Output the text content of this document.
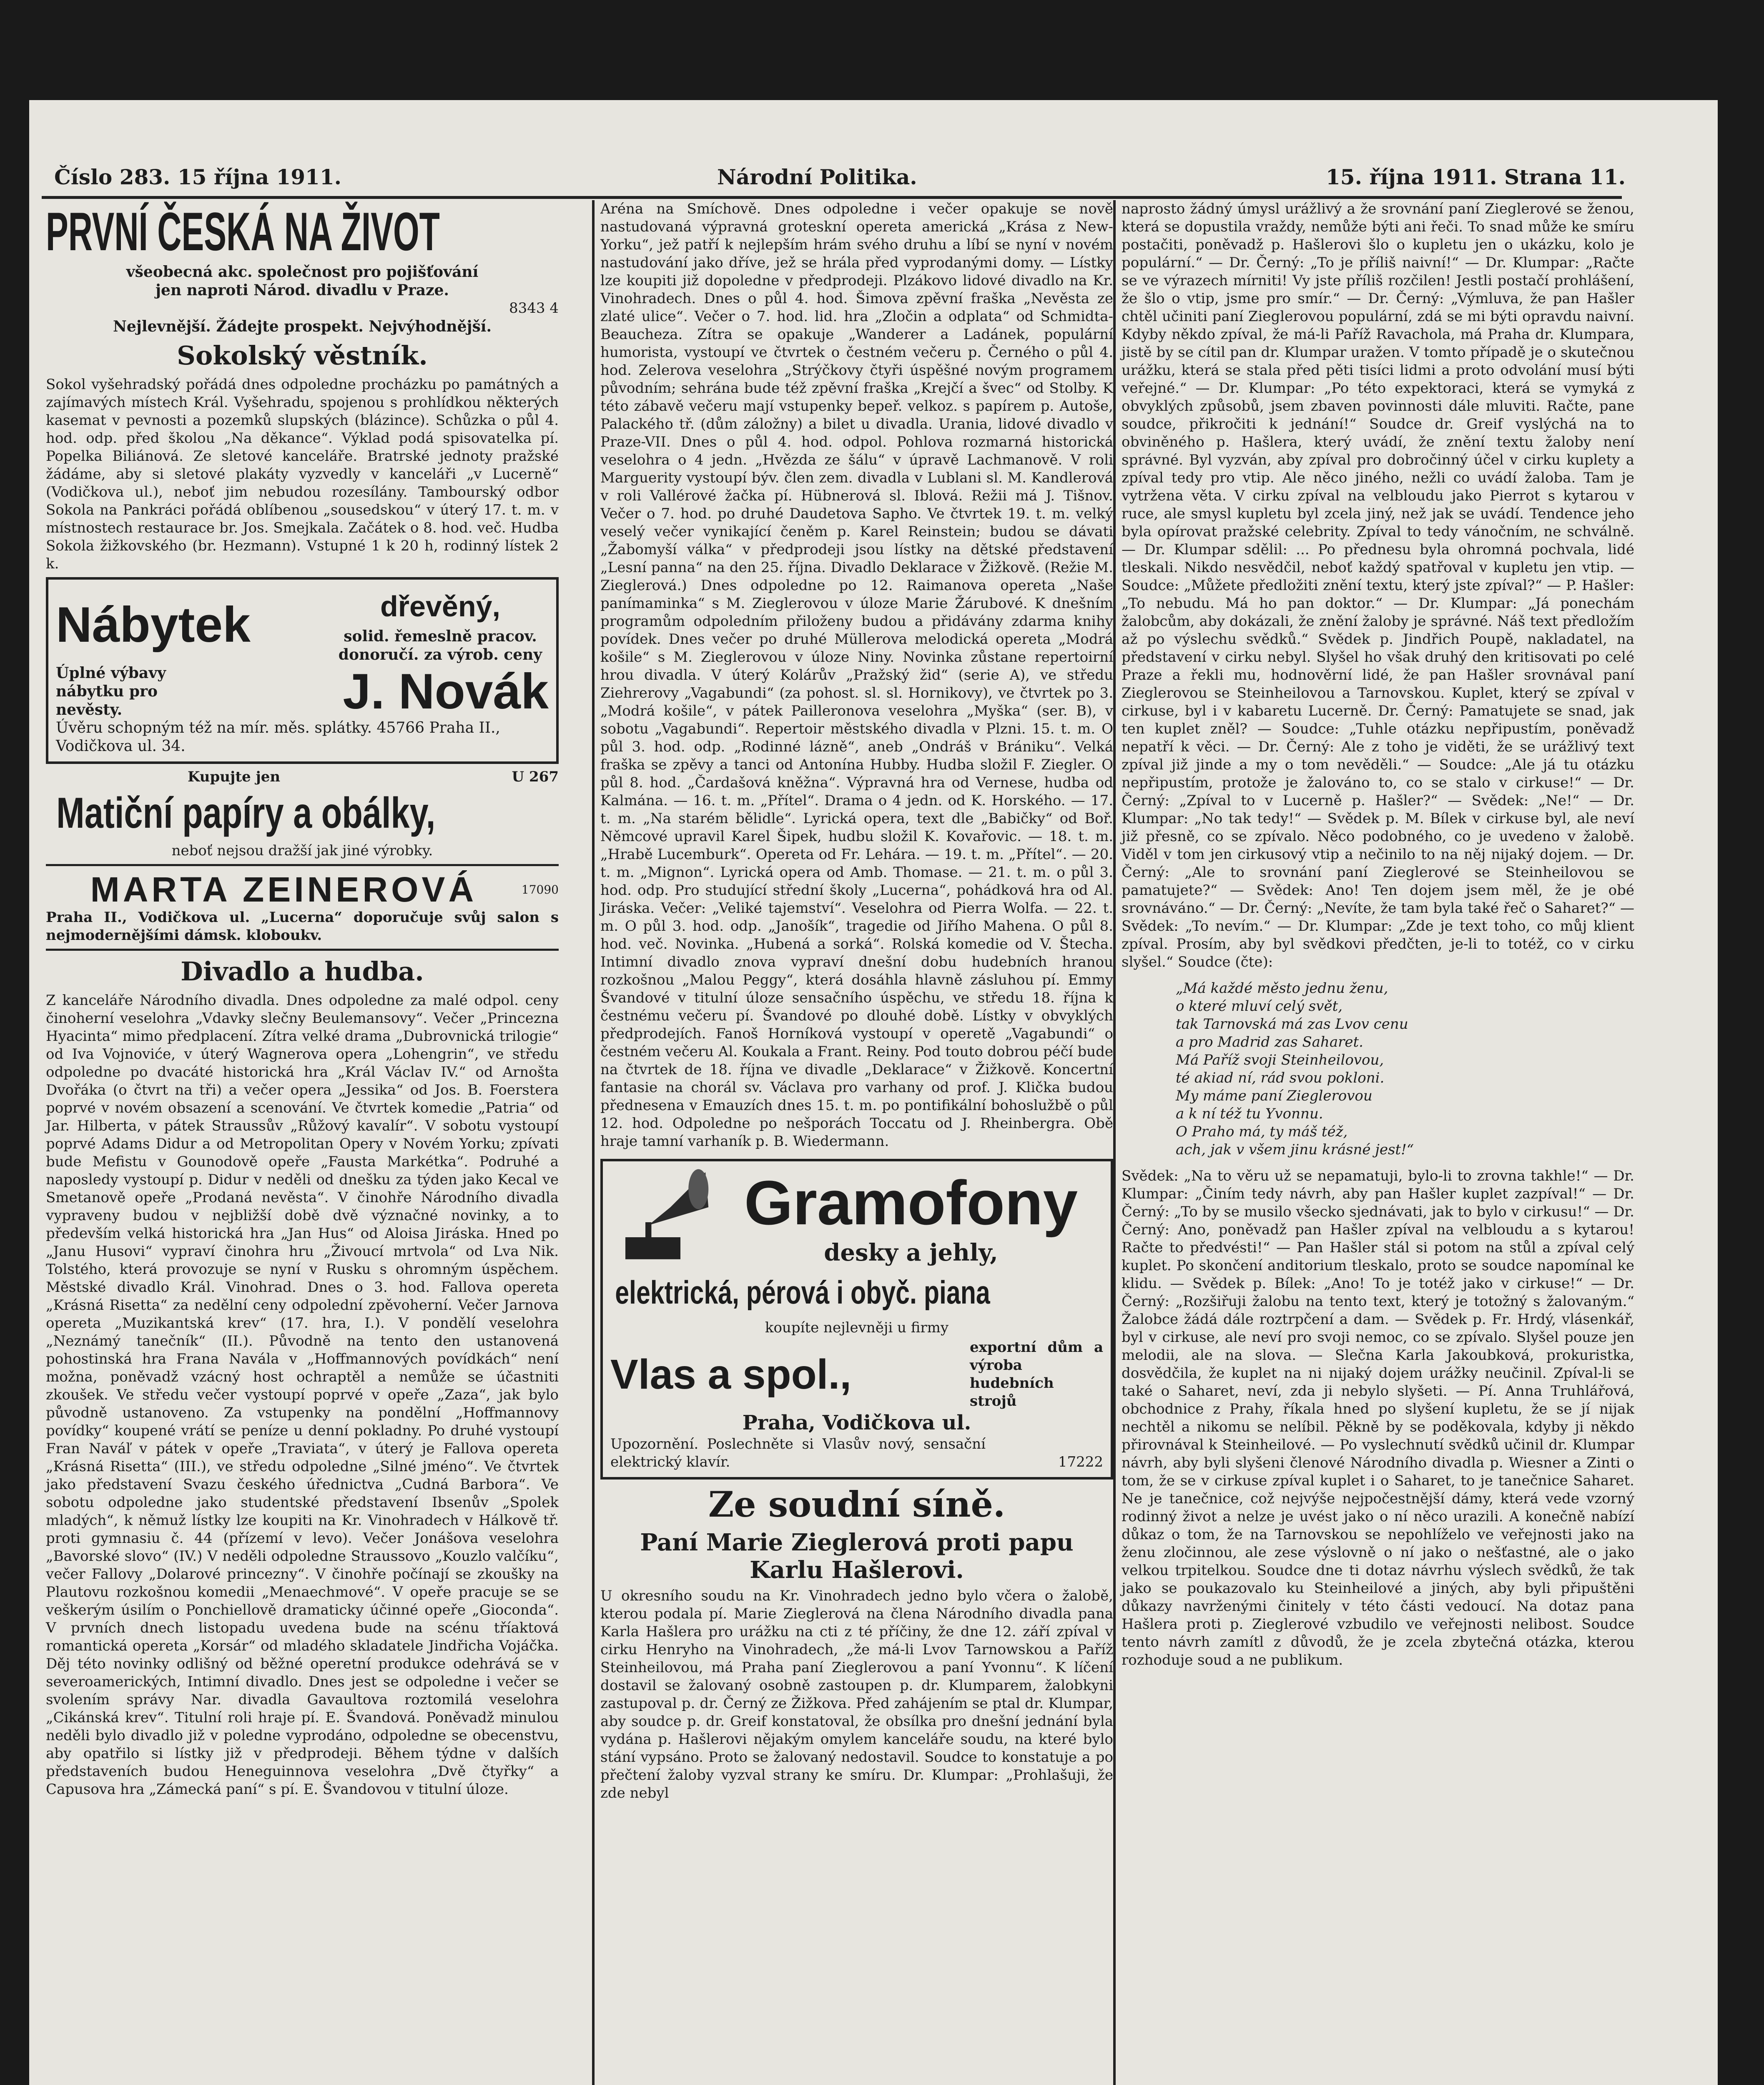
Číslo 283. 15 října 1911.	Národní Politika.	15. října 1911. Strana 11.
PRVNÍ ČESKÁ NA ŽIVOT
všeobecná akc. společnost pro pojišťování
jen naproti Národ. divadlu v Praze.
8343 4
Nejlevnější. Žádejte prospekt. Nejvýhodnější.
Sokolský věstník.

Sokol vyšehradský pořádá dnes odpoledne procházku po památných a zajímavých místech Král. Vyšehradu, spojenou s prohlídkou některých kasemat v pevnosti a pozemků slupských (blázince). Schůzka o půl 4. hod. odp. před školou „Na děkance“. Výklad podá spisovatelka pí. Popelka Biliánová. Ze sletové kanceláře. Bratrské jednoty pražské žádáme, aby si sletové plakáty vyzvedly v kanceláři „v Lucerně“ (Vodičkova ul.), neboť jim nebudou rozesílány. Tambourský odbor Sokola na Pankráci pořádá oblíbenou „sousedskou“ v úterý 17. t. m. v místnostech restaurace br. Jos. Smejkala. Začátek o 8. hod. več. Hudba Sokola žižkovského (br. Hezmann). Vstupné 1 k 20 h, rodinný lístek 2 k.

Nábytek	dřevěný,
solid. řemeslně pracov. donoručí. za výrob. ceny
Úplné výbavy nábytku pro nevěsty.	J. Novák
Úvěru schopným též na mír. měs. splátky. 45766 Praha II., Vodičkova ul. 34.
Kupujte jen	U 267
Matiční papíry a obálky,
neboť nejsou dražší jak jiné výrobky.
MARTA ZEINEROVÁ	17090

Praha II., Vodičkova ul. „Lucerna“ doporučuje svůj salon s nejmodernějšími dámsk. kloboukv.

Divadlo a hudba.

Z kanceláře Národního divadla. Dnes odpoledne za malé odpol. ceny činoherní veselohra „Vdavky slečny Beulemansovy“. Večer „Princezna Hyacinta“ mimo předplacení. Zítra velké drama „Dubrovnická trilogie“ od Iva Vojnoviće, v úterý Wagnerova opera „Lohengrin“, ve středu odpoledne po dvacáté historická hra „Král Václav IV.“ od Arnošta Dvořáka (o čtvrt na tři) a večer opera „Jessika“ od Jos. B. Foerstera poprvé v novém obsazení a scenování. Ve čtvrtek komedie „Patria“ od Jar. Hilberta, v pátek Straussův „Růžový kavalír“. V sobotu vystoupí poprvé Adams Didur a od Metropolitan Opery v Novém Yorku; zpívati bude Mefistu v Gounodově opeře „Fausta Markétka“. Podruhé a naposledy vystoupí p. Didur v neděli od dnešku za týden jako Kecal ve Smetanově opeře „Prodaná nevěsta“. V činohře Národního divadla vypraveny budou v nejbližší době dvě význačné novinky, a to především velká historická hra „Jan Hus“ od Aloisa Jiráska. Hned po „Janu Husovi“ vypraví činohra hru „Živoucí mrtvola“ od Lva Nik. Tolstého, která provozuje se nyní v Rusku s ohromným úspěchem. Městské divadlo Král. Vinohrad. Dnes o 3. hod. Fallova opereta „Krásná Risetta“ za nedělní ceny odpolední zpěvoherní. Večer Jarnova opereta „Muzikantská krev“ (17. hra, I.). V pondělí veselohra „Neznámý tanečník“ (II.). Původně na tento den ustanovená pohostinská hra Frana Naválа v „Hoffmannových povídkách“ není možna, poněvadž vzácný host ochraptěl a nemůže se účastniti zkoušek. Ve středu večer vystoupí poprvé v opeře „Zaza“, jak bylo původně ustanoveno. Za vstupenky na pondělní „Hoffmannovy povídky“ koupené vrátí se peníze u denní pokladny. Po druhé vystoupí Fran Naváľ v pátek v opeře „Traviata“, v úterý je Fallova opereta „Krásná Risetta“ (III.), ve středu odpoledne „Silné jméno“. Ve čtvrtek jako představení Svazu českého úřednictva „Cudná Barbora“. Ve sobotu odpoledne jako studentské představení Ibsenův „Spolek mladých“, k němuž lístky lze koupiti na Kr. Vinohradech v Hálkově tř. proti gymnasiu č. 44 (přízemí v levo). Večer Jonášova veselohra „Bavorské slovo“ (IV.) V neděli odpoledne Straussovo „Kouzlo valčíku“, večer Fallovy „Dolarové princezny“. V činohře počínají se zkoušky na Plautovu rozkošnou komedii „Menaechmové“. V opeře pracuje se se veškerým úsilím o Ponchiellově dramaticky účinné opeře „Gioconda“. V prvních dnech listopadu uvedena bude na scénu tříaktová romantická opereta „Korsár“ od mladého skladatele Jindřicha Vojáčka. Děj této novinky odlišný od běžné operetní produkce odehrává se v severoamerických, Intimní divadlo. Dnes jest se odpoledne i večer se svolením správy Nar. divadla Gavaultova roztomilá veselohra „Cikánská krev“. Titulní roli hraje pí. E. Švandová. Poněvadž minulou neděli bylo divadlo již v poledne vyprodáno, odpoledne se obecenstvu, aby opatřilo si lístky již v předprodeji. Během týdne v dalších představeních budou Heneguinnova veselohra „Dvě čtyřky“ a Capusova hra „Zámecká paní“ s pí. E. Švandovou v titulní úloze.

Aréna na Smíchově. Dnes odpoledne i večer opakuje se nově nastudovaná výpravná groteskní opereta americká „Krása z New-Yorku“, jež patří k nejlepším hrám svého druhu a líbí se nyní v novém nastudování jako dříve, jež se hrála před vyprodanými domy. — Lístky lze koupiti již dopoledne v předprodeji. Plzákovo lidové divadlo na Kr. Vinohradech. Dnes o půl 4. hod. Šimova zpěvní fraška „Nevěsta ze zlaté ulice“. Večer o 7. hod. lid. hra „Zločin a odplata“ od Schmidta-Beaucheza. Zítra se opakuje „Wanderer a Ladánek, populární humorista, vystoupí ve čtvrtek o čestném večeru p. Černého o půl 4. hod. Zelerova veselohra „Strýčkovy čtyři úspěšné novým programem původním; sehrána bude též zpěvní fraška „Krejčí a švec“ od Stolby. K této zábavě večeru mají vstupenky bepeř. velkoz. s papírem p. Autoše, Palackého tř. (dům záložny) a bilet u divadla. Urania, lidové divadlo v Praze-VII. Dnes o půl 4. hod. odpol. Pohlova rozmarná historická veselohra o 4 jedn. „Hvězda ze šálu“ v úpravě Lachmanově. V roli Marguerity vystoupí býv. člen zem. divadla v Lublani sl. M. Kandlerová v roli Vallérové žačka pí. Hübnerová sl. Iblová. Režii má J. Tišnov. Večer o 7. hod. po druhé Daudetova Sapho. Ve čtvrtek 19. t. m. velký veselý večer vynikající čeněm p. Karel Reinstein; budou se dávati „Žabomyší válka“ v předprodeji jsou lístky na dětské představení „Lesní panna“ na den 25. října. Divadlo Deklarace v Žižkově. (Režie M. Zieglerová.) Dnes odpoledne po 12. Raimanova opereta „Naše panímaminka“ s M. Zieglerovou v úloze Marie Žárubové. K dnešním programům odpoledním přiloženy budou a přidávány zdarma knihy povídek. Dnes večer po druhé Müllerova melodická opereta „Modrá košile“ s M. Zieglerovou v úloze Niny. Novinka zůstane repertoirní hrou divadla. V úterý Kolárův „Pražský žid“ (serie A), ve středu Ziehrerovy „Vagabundi“ (za pohost. sl. sl. Hornikovy), ve čtvrtek po 3. „Modrá košile“, v pátek Pailleronova veselohra „Myška“ (ser. B), v sobotu „Vagabundi“. Repertoir městského divadla v Plzni. 15. t. m. O půl 3. hod. odp. „Rodinné lázně“, aneb „Ondráš v Brániku“. Velká fraška se zpěvy a tanci od Antonína Hubby. Hudba složil F. Ziegler. O půl 8. hod. „Čardašová kněžna“. Výpravná hra od Vernese, hudba od Kalmána. — 16. t. m. „Přítel“. Drama o 4 jedn. od K. Horského. — 17. t. m. „Na starém bělidle“. Lyrická opera, text dle „Babičky“ od Boř. Němcové upravil Karel Šipek, hudbu složil K. Kovařovic. — 18. t. m. „Hrabě Lucemburk“. Opereta od Fr. Lehára. — 19. t. m. „Přítel“. — 20. t. m. „Mignon“. Lyrická opera od Amb. Thomase. — 21. t. m. o půl 3. hod. odp. Pro studující střední školy „Lucerna“, pohádková hra od Al. Jiráska. Večer: „Veliké tajemství“. Veselohra od Pierra Wolfa. — 22. t. m. O půl 3. hod. odp. „Janošík“, tragedie od Jiřího Mahena. O půl 8. hod. več. Novinka. „Hubená a sorká“. Rolská komedie od V. Štecha. Intimní divadlo znova vypraví dnešní dobu hudebních hranou rozkošnou „Malou Peggy“, která dosáhla hlavně zásluhou pí. Emmy Švandové v titulní úloze sensačního úspěchu, ve středu 18. října k čestnému večeru pí. Švandové po dlouhé době. Lístky v obvyklých předprodejích. Fanoš Horníková vystoupí v operetě „Vagabundi“ o čestném večeru Al. Koukala a Frant. Reiny. Pod touto dobrou péčí bude na čtvrtek de 18. října ve divadle „Deklarace“ v Žižkově. Koncertní fantasie na chorál sv. Václava pro varhany od prof. J. Klička budou přednesena v Emauzích dnes 15. t. m. po pontifikální bohoslužbě o půl 12. hod. Odpoledne po nešporách Toccatu od J. Rheinbergra. Obě hraje tamní varhaník p. B. Wiedermann.

Gramofony
desky a jehly,
elektrická, pérová i obyč. piana
koupíte nejlevněji u firmy
Vlas a spol.,
exportní dům a výroba hudebních strojů
Praha, Vodičkova ul.
Upozornění. Poslechněte si Vlasův nový, sensační elektrický klavír.	17222
Ze soudní síně.
Paní Marie Zieglerová proti papu Karlu Hašlerovi.

U okresního soudu na Kr. Vinohradech jedno bylo včera o žalobě, kterou podala pí. Marie Zieglerová na člena Národního divadla pana Karla Hašlera pro urážku na cti z té příčiny, že dne 12. září zpíval v cirku Henryho na Vinohradech, „že má-li Lvov Tarnowskou a Paříž Steinheilovou, má Praha paní Zieglerovou a paní Yvonnu“. K líčení dostavil se žalovaný osobně zastoupen p. dr. Klumparem, žalobkyni zastupoval p. dr. Černý ze Žižkova. Před zahájením se ptal dr. Klumpar, aby soudce p. dr. Greif konstatoval, že obsílka pro dnešní jednání byla vydána p. Hašlerovi nějakým omylem kanceláře soudu, na které bylo stání vypsáno. Proto se žalovaný nedostavil. Soudce to konstatuje a po přečtení žaloby vyzval strany ke smíru. Dr. Klumpar: „Prohlašuji, že zde nebyl

naprosto žádný úmysl urážlivý a že srovnání paní Zieglerové se ženou, která se dopustila vraždy, nemůže býti ani řeči. To snad může ke smíru postačiti, poněvadž p. Hašlerovi šlo o kupletu jen o ukázku, kolo je populární.“ — Dr. Černý: „To je příliš naivní!“ — Dr. Klumpar: „Račte se ve výrazech mírniti! Vy jste příliš rozčilen! Jestli postačí prohlášení, že šlo o vtip, jsme pro smír.“ — Dr. Černý: „Výmluva, že pan Hašler chtěl učiniti paní Zieglerovou populární, zdá se mi býti opravdu naivní. Kdyby někdo zpíval, že má-li Paříž Ravachola, má Praha dr. Klumpara, jistě by se cítil pan dr. Klumpar uražen. V tomto případě je o skutečnou urážku, která se stala před pěti tisíci lidmi a proto odvolání musí býti veřejné.“ — Dr. Klumpar: „Po této expektoraci, která se vymyká z obvyklých způsobů, jsem zbaven povinnosti dále mluviti. Račte, pane soudce, přikročiti k jednání!“ Soudce dr. Greif vyslýchá na to obviněného p. Hašlera, který uvádí, že znění textu žaloby není správné. Byl vyzván, aby zpíval pro dobročinný účel v cirku kuplety a zpíval tedy pro vtip. Ale něco jiného, nežli co uvádí žaloba. Tam je vytržena věta. V cirku zpíval na velbloudu jako Pierrot s kytarou v ruce, ale smysl kupletu byl zcela jiný, než jak se uvádí. Tendence jeho byla opírovat pražské celebrity. Zpíval to tedy vánočním, ne schválně. — Dr. Klumpar sdělil: ... Po přednesu byla ohromná pochvala, lidé tleskali. Nikdo nesvědčil, neboť každý spatřoval v kupletu jen vtip. — Soudce: „Můžete předložiti znění textu, který jste zpíval?“ — P. Hašler: „To nebudu. Má ho pan doktor.“ — Dr. Klumpar: „Já ponechám žalobcům, aby dokázali, že znění žaloby je správné. Náš text předložím až po výslechu svědků.“ Svědek p. Jindřich Poupě, nakladatel, na představení v cirku nebyl. Slyšel ho však druhý den kritisovati po celé Praze a řekli mu, hodnověrní lidé, že pan Hašler srovnával paní Zieglerovou se Steinheilovou a Tarnovskou. Kuplet, který se zpíval v cirkuse, byl i v kabaretu Lucerně. Dr. Černý: Pamatujete se snad, jak ten kuplet zněl? — Soudce: „Tuhle otázku nepřipustím, poněvadž nepatří k věci. — Dr. Černý: Ale z toho je viděti, že se urážlivý text zpíval již jinde a my o tom nevěděli.“ — Soudce: „Ale já tu otázku nepřipustím, protože je žalováno to, co se stalo v cirkuse!“ — Dr. Černý: „Zpíval to v Lucerně p. Hašler?“ — Svědek: „Ne!“ — Dr. Klumpar: „No tak tedy!“ — Svědek p. M. Bílek v cirkuse byl, ale neví již přesně, co se zpívalo. Něco podobného, co je uvedeno v žalobě. Viděl v tom jen cirkusový vtip a nečinilo to na něj nijaký dojem. — Dr. Černý: „Ale to srovnání paní Zieglerové se Steinheilovou se pamatujete?“ — Svědek: Ano! Ten dojem jsem měl, že je obé srovnáváno.“ — Dr. Černý: „Nevíte, že tam byla také řeč o Saharet?“ — Svědek: „To nevím.“ — Dr. Klumpar: „Zde je text toho, co můj klient zpíval. Prosím, aby byl svědkovi předčten, je-li to totéž, co v cirku slyšel.“ Soudce (čte):

„Má každé město jednu ženu,
o které mluví celý svět,
tak Tarnovská má zas Lvov cenu
a pro Madrid zas Saharet.
Má Paříž svoji Steinheilovou,
té akiad ní, rád svou pokloni.
My máme paní Zieglerovou
a k ní též tu Yvonnu.
O Praho má, ty máš též,
ach, jak v všem jinu krásné jest!“

Svědek: „Na to věru už se nepamatuji, bylo-li to zrovna takhle!“ — Dr. Klumpar: „Činím tedy návrh, aby pan Hašler kuplet zazpíval!“ — Dr. Černý: „To by se musilo všecko sjednávati, jak to bylo v cirkusu!“ — Dr. Černý: Ano, poněvadž pan Hašler zpíval na velbloudu a s kytarou! Račte to předvésti!“ — Pan Hašler stál si potom na stůl a zpíval celý kuplet. Po skončení anditorium tleskalo, proto se soudce napomínal ke klidu. — Svědek p. Bílek: „Ano! To je totéž jako v cirkuse!“ — Dr. Černý: „Rozšiřuji žalobu na tento text, který je totožný s žalovaným.“ Žalobce žádá dále roztrpčení a dam. — Svědek p. Fr. Hrdý, vlásenkář, byl v cirkuse, ale neví pro svoji nemoc, co se zpívalo. Slyšel pouze jen melodii, ale na slova. — Slečna Karla Jakoubková, prokuristka, dosvědčila, že kuplet na ni nijaký dojem urážky neučinil. Zpíval-li se také o Saharet, neví, zda ji nebylo slyšeti. — Pí. Anna Truhlářová, obchodnice z Prahy, říkala hned po slyšení kupletu, že se jí nijak nechtěl a nikomu se nelíbil. Pěkně by se poděkovala, kdyby ji někdo přirovnával k Steinheilové. — Po vyslechnutí svědků učinil dr. Klumpar návrh, aby byli slyšeni členové Národního divadla p. Wiesner a Zinti o tom, že se v cirkuse zpíval kuplet i o Saharet, to je tanečnice Saharet. Ne je tanečnice, což nejvýše nejpočestnější dámy, která vede vzorný rodinný život a nelze je uvést jako o ní něco urazili. A konečně nabízí důkaz o tom, že na Tarnovskou se nepohlíželo ve veřejnosti jako na ženu zločinnou, ale zese výslovně o ní jako o nešťastné, ale o jako velkou trpitelkou. Soudce dne ti dotaz návrhu výslech svědků, že tak jako se poukazovalo ku Steinheilové a jiných, aby byli připuštěni důkazy navrženými činitely v této části vedoucí. Na dotaz pana Hašlera proti p. Zieglerové vzbudilo ve veřejnosti nelibost. Soudce tento návrh zamítl z důvodů, že je zcela zbytečná otázka, kterou rozhoduje soud a ne publikum.
